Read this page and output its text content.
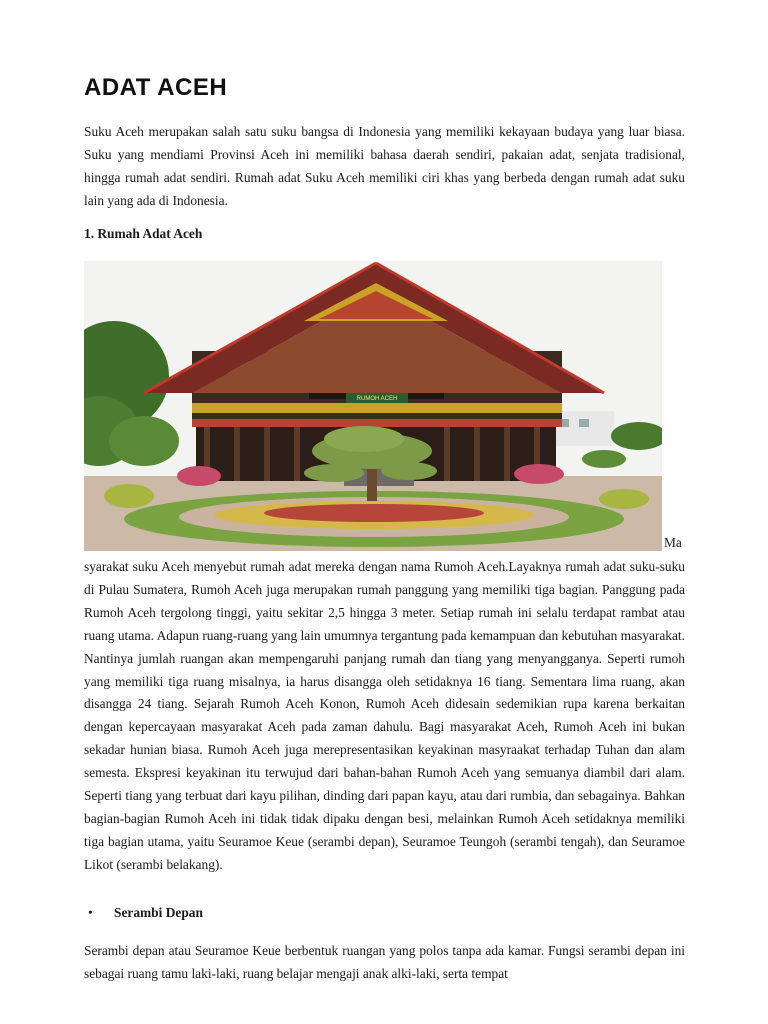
ADAT ACEH

Suku Aceh merupakan salah satu suku bangsa di Indonesia yang memiliki kekayaan budaya yang luar biasa. Suku yang mendiami Provinsi Aceh ini memiliki bahasa daerah sendiri, pakaian adat, senjata tradisional, hingga rumah adat sendiri. Rumah adat Suku Aceh memiliki ciri khas yang berbeda dengan rumah adat suku lain yang ada di Indonesia.

1. Rumah Adat Aceh

RUMOH ACEH
Ma

syarakat suku Aceh menyebut rumah adat mereka dengan nama Rumoh Aceh.Layaknya rumah adat suku-suku di Pulau Sumatera, Rumoh Aceh juga merupakan rumah panggung yang memiliki tiga bagian. Panggung pada Rumoh Aceh tergolong tinggi, yaitu sekitar 2,5 hingga 3 meter. Setiap rumah ini selalu terdapat rambat atau ruang utama. Adapun ruang-ruang yang lain umumnya tergantung pada kemampuan dan kebutuhan masyarakat. Nantinya jumlah ruangan akan mempengaruhi panjang rumah dan tiang yang menyangganya. Seperti rumoh yang memiliki tiga ruang misalnya, ia harus disangga oleh setidaknya 16 tiang. Sementara lima ruang, akan disangga 24 tiang. Sejarah Rumoh Aceh Konon, Rumoh Aceh didesain sedemikian rupa karena berkaitan dengan kepercayaan masyarakat Aceh pada zaman dahulu. Bagi masyarakat Aceh, Rumoh Aceh ini bukan sekadar hunian biasa. Rumoh Aceh juga merepresentasikan keyakinan masyraakat terhadap Tuhan dan alam semesta. Ekspresi keyakinan itu terwujud dari bahan-bahan Rumoh Aceh yang semuanya diambil dari alam. Seperti tiang yang terbuat dari kayu pilihan, dinding dari papan kayu, atau dari rumbia, dan sebagainya. Bahkan bagian-bagian Rumoh Aceh ini tidak tidak dipaku dengan besi, melainkan Rumoh Aceh setidaknya memiliki tiga bagian utama, yaitu Seuramoe Keue (serambi depan), Seuramoe Teungoh (serambi tengah), dan Seuramoe Likot (serambi belakang).

• Serambi Depan

Serambi depan atau Seuramoe Keue berbentuk ruangan yang polos tanpa ada kamar. Fungsi serambi depan ini sebagai ruang tamu laki-laki, ruang belajar mengaji anak alki-laki, serta tempat
